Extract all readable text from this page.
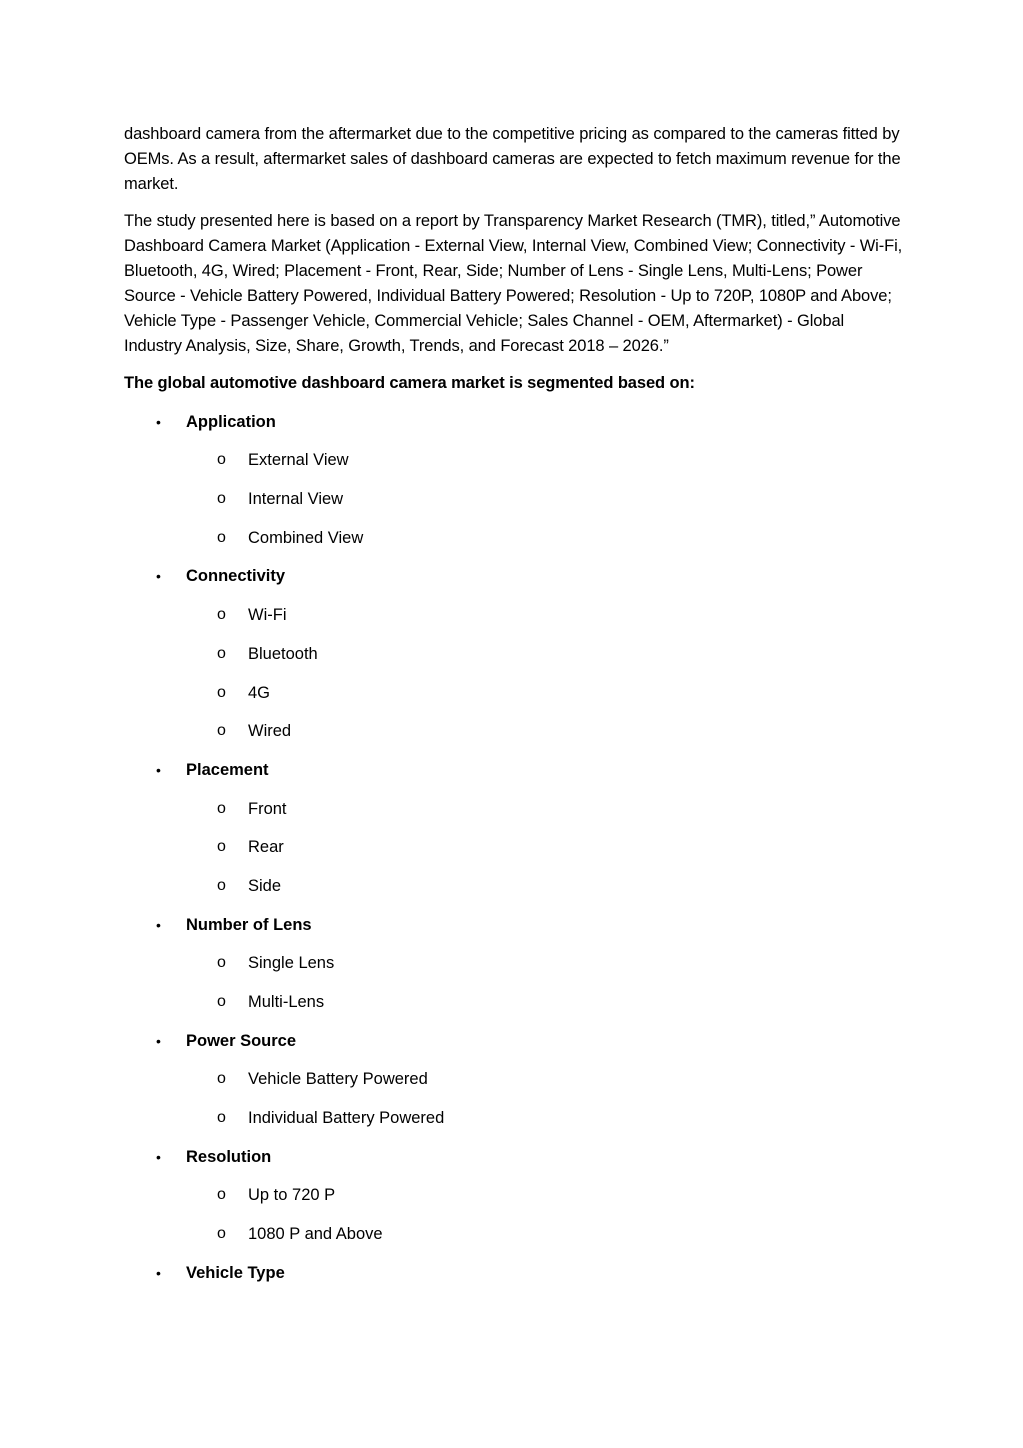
dashboard camera from the aftermarket due to the competitive pricing as compared to the cameras fitted by OEMs. As a result, aftermarket sales of dashboard cameras are expected to fetch maximum revenue for the market.

The study presented here is based on a report by Transparency Market Research (TMR), titled,” Automotive Dashboard Camera Market (Application - External View, Internal View, Combined View; Connectivity - Wi-Fi, Bluetooth, 4G, Wired; Placement - Front, Rear, Side; Number of Lens - Single Lens, Multi-Lens; Power Source - Vehicle Battery Powered, Individual Battery Powered; Resolution - Up to 720P, 1080P and Above; Vehicle Type - Passenger Vehicle, Commercial Vehicle; Sales Channel - OEM, Aftermarket) - Global Industry Analysis, Size, Share, Growth, Trends, and Forecast 2018 – 2026.”

The global automotive dashboard camera market is segmented based on:

• Application
o External View
o Internal View
o Combined View
• Connectivity
o Wi-Fi
o Bluetooth
o 4G
o Wired
• Placement
o Front
o Rear
o Side
• Number of Lens
o Single Lens
o Multi-Lens
• Power Source
o Vehicle Battery Powered
o Individual Battery Powered
• Resolution
o Up to 720 P
o 1080 P and Above
• Vehicle Type
